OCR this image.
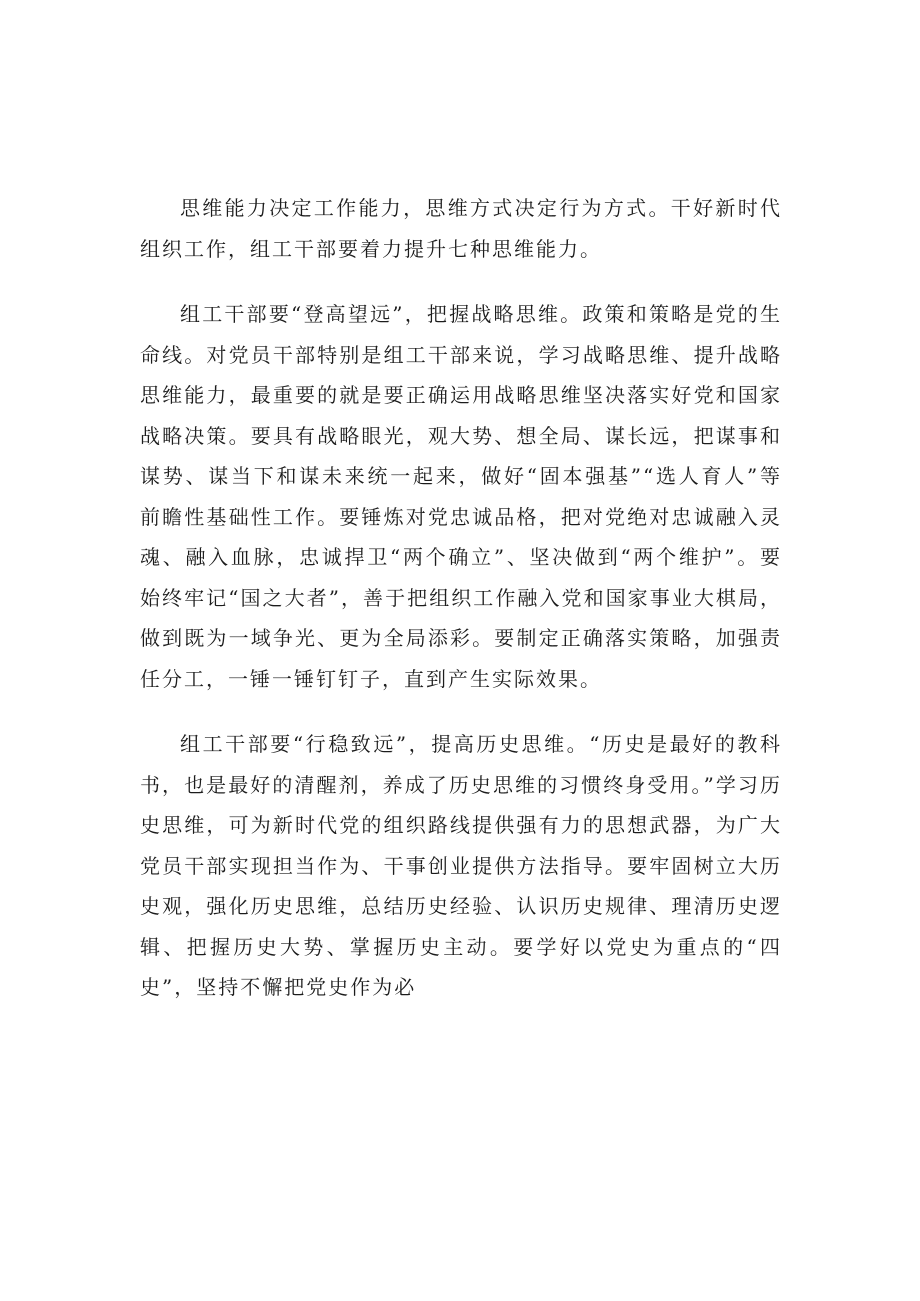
思维能力决定工作能力，思维方式决定行为方式。干好新时代组织工作，组工干部要着力提升七种思维能力。

组工干部要“登高望远”，把握战略思维。政策和策略是党的生命线。对党员干部特别是组工干部来说，学习战略思维、提升战略思维能力，最重要的就是要正确运用战略思维坚决落实好党和国家战略决策。要具有战略眼光，观大势、想全局、谋长远，把谋事和谋势、谋当下和谋未来统一起来，做好“固本强基”“选人育人”等前瞻性基础性工作。要锤炼对党忠诚品格，把对党绝对忠诚融入灵魂、融入血脉，忠诚捍卫“两个确立”、坚决做到“两个维护”。要始终牢记“国之大者”，善于把组织工作融入党和国家事业大棋局，做到既为一域争光、更为全局添彩。要制定正确落实策略，加强责任分工，一锤一锤钉钉子，直到产生实际效果。

组工干部要“行稳致远”，提高历史思维。“历史是最好的教科书，也是最好的清醒剂，养成了历史思维的习惯终身受用。”学习历史思维，可为新时代党的组织路线提供强有力的思想武器，为广大党员干部实现担当作为、干事创业提供方法指导。要牢固树立大历史观，强化历史思维，总结历史经验、认识历史规律、理清历史逻辑、把握历史大势、掌握历史主动。要学好以党史为重点的“四史”，坚持不懈把党史作为必
